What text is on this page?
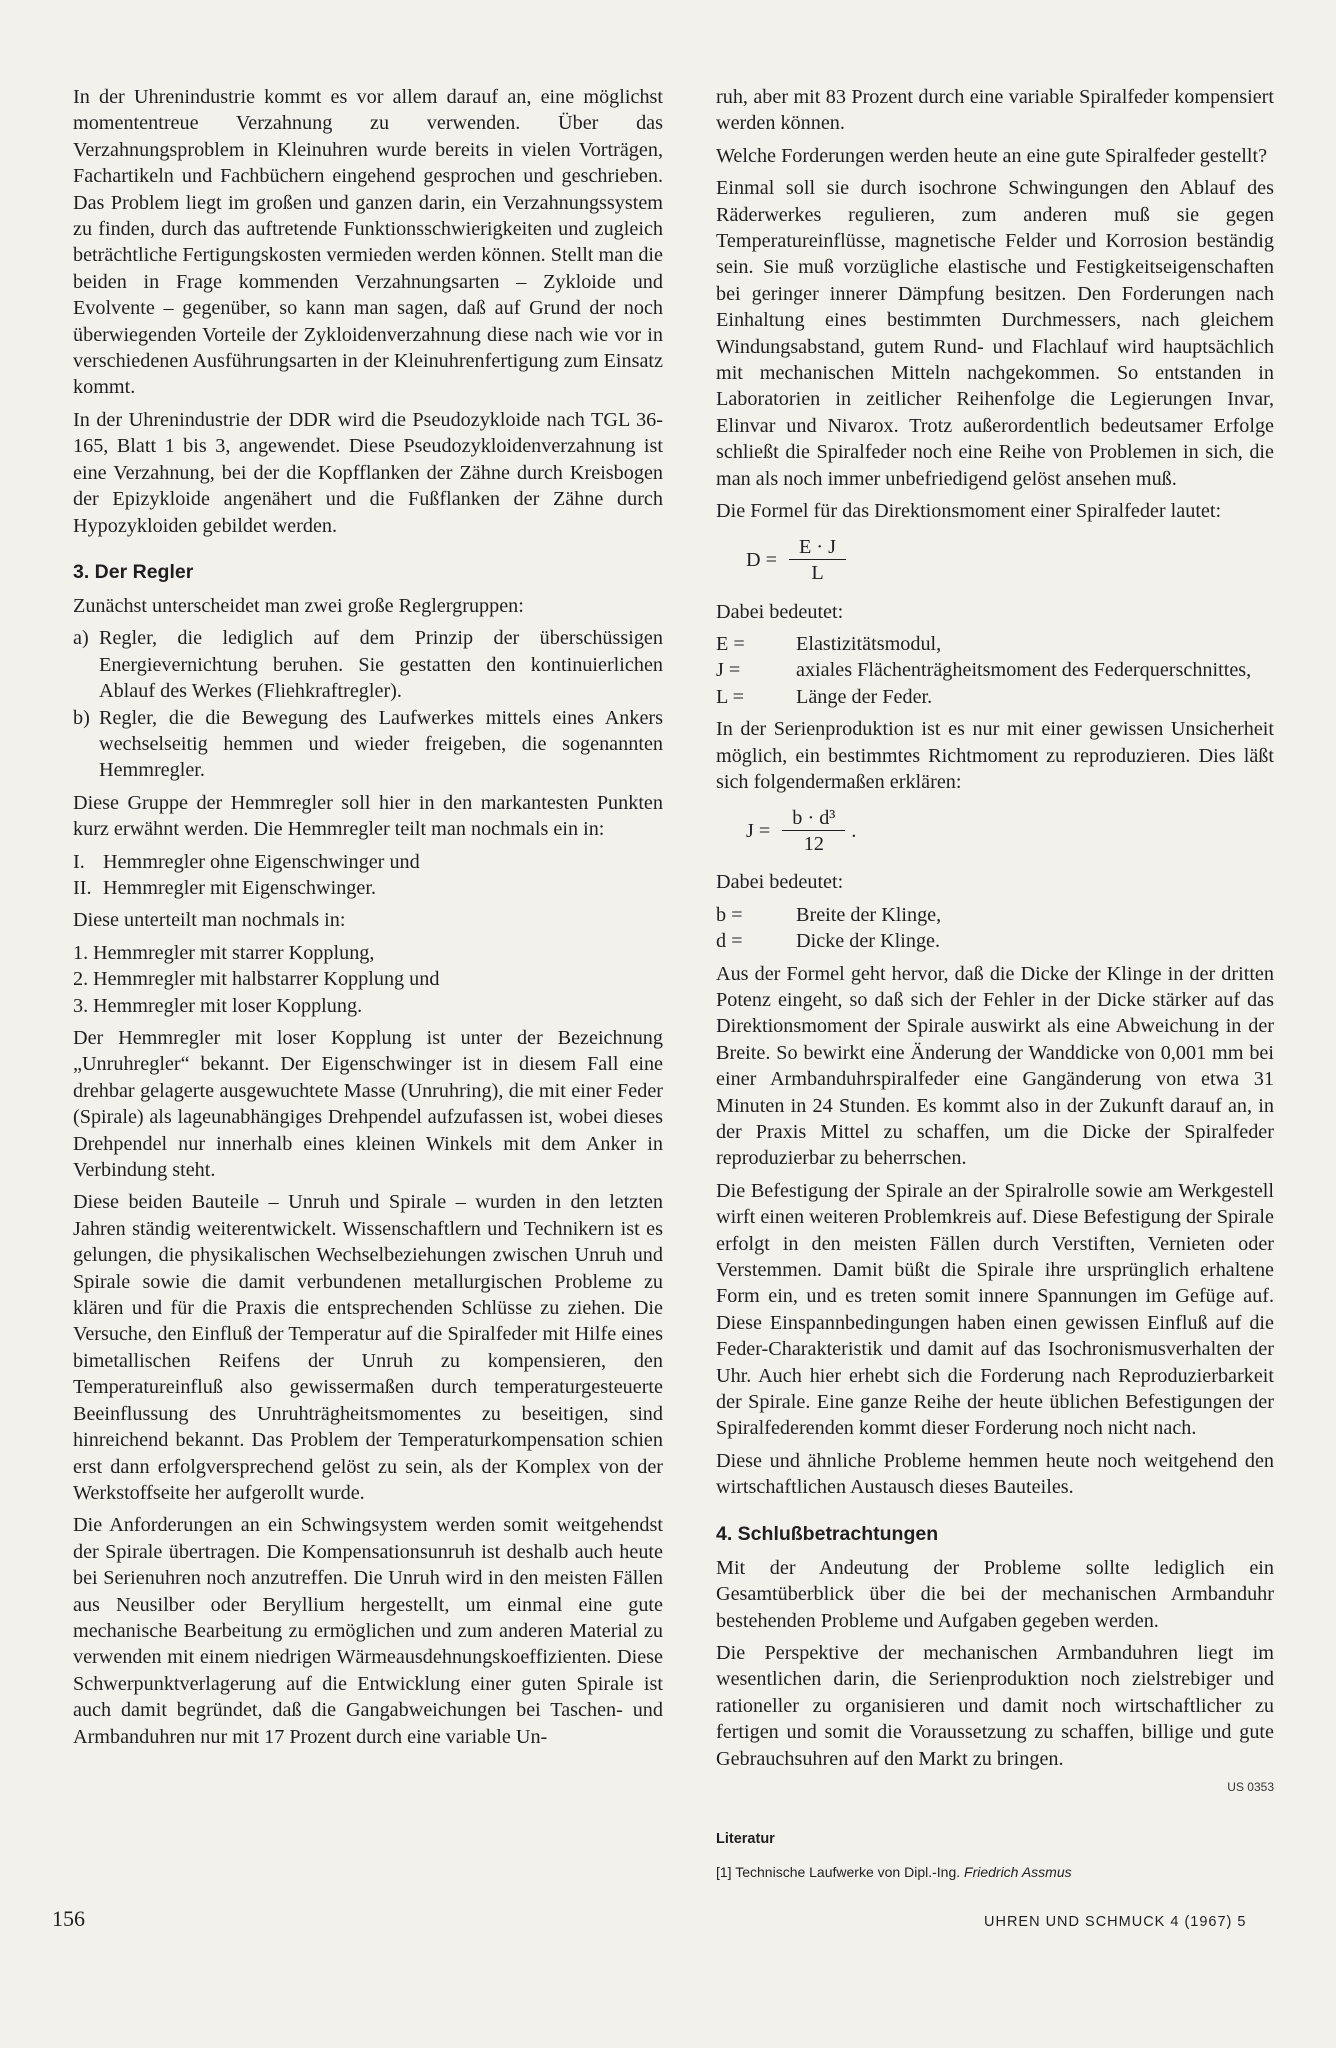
In der Uhrenindustrie kommt es vor allem darauf an, eine möglichst momententreue Verzahnung zu verwenden. Über das Verzahnungsproblem in Kleinuhren wurde bereits in vielen Vorträgen, Fachartikeln und Fachbüchern eingehend gesprochen und geschrieben. Das Problem liegt im großen und ganzen darin, ein Verzahnungssystem zu finden, durch das auftretende Funktionsschwierigkeiten und zugleich beträchtliche Fertigungskosten vermieden werden können. Stellt man die beiden in Frage kommenden Verzahnungsarten – Zykloide und Evolvente – gegenüber, so kann man sagen, daß auf Grund der noch überwiegenden Vorteile der Zykloidenverzahnung diese nach wie vor in verschiedenen Ausführungsarten in der Kleinuhrenfertigung zum Einsatz kommt.

In der Uhrenindustrie der DDR wird die Pseudozykloide nach TGL 36-165, Blatt 1 bis 3, angewendet. Diese Pseudozykloidenverzahnung ist eine Verzahnung, bei der die Kopfflanken der Zähne durch Kreisbogen der Epizykloide angenähert und die Fußflanken der Zähne durch Hypozykloiden gebildet werden.

3. Der Regler

Zunächst unterscheidet man zwei große Reglergruppen:

a) Regler, die lediglich auf dem Prinzip der überschüssigen Energievernichtung beruhen. Sie gestatten den kontinuierlichen Ablauf des Werkes (Fliehkraftregler).
b) Regler, die die Bewegung des Laufwerkes mittels eines Ankers wechselseitig hemmen und wieder freigeben, die sogenannten Hemmregler.

Diese Gruppe der Hemmregler soll hier in den markantesten Punkten kurz erwähnt werden. Die Hemmregler teilt man nochmals ein in:

I. Hemmregler ohne Eigenschwinger und
II. Hemmregler mit Eigenschwinger.

Diese unterteilt man nochmals in:

1. Hemmregler mit starrer Kopplung,
2. Hemmregler mit halbstarrer Kopplung und
3. Hemmregler mit loser Kopplung.

Der Hemmregler mit loser Kopplung ist unter der Bezeichnung „Unruhregler“ bekannt. Der Eigenschwinger ist in diesem Fall eine drehbar gelagerte ausgewuchtete Masse (Unruhring), die mit einer Feder (Spirale) als lageunabhängiges Drehpendel aufzufassen ist, wobei dieses Drehpendel nur innerhalb eines kleinen Winkels mit dem Anker in Verbindung steht.

Diese beiden Bauteile – Unruh und Spirale – wurden in den letzten Jahren ständig weiterentwickelt. Wissenschaftlern und Technikern ist es gelungen, die physikalischen Wechselbeziehungen zwischen Unruh und Spirale sowie die damit verbundenen metallurgischen Probleme zu klären und für die Praxis die entsprechenden Schlüsse zu ziehen. Die Versuche, den Einfluß der Temperatur auf die Spiralfeder mit Hilfe eines bimetallischen Reifens der Unruh zu kompensieren, den Temperatureinfluß also gewissermaßen durch temperaturgesteuerte Beeinflussung des Unruhträgheitsmomentes zu beseitigen, sind hinreichend bekannt. Das Problem der Temperaturkompensation schien erst dann erfolgversprechend gelöst zu sein, als der Komplex von der Werkstoffseite her aufgerollt wurde.

Die Anforderungen an ein Schwingsystem werden somit weitgehendst der Spirale übertragen. Die Kompensationsunruh ist deshalb auch heute bei Serienuhren noch anzutreffen. Die Unruh wird in den meisten Fällen aus Neusilber oder Beryllium hergestellt, um einmal eine gute mechanische Bearbeitung zu ermöglichen und zum anderen Material zu verwenden mit einem niedrigen Wärmeausdehnungskoeffizienten. Diese Schwerpunktverlagerung auf die Entwicklung einer guten Spirale ist auch damit begründet, daß die Gangabweichungen bei Taschen- und Armbanduhren nur mit 17 Prozent durch eine variable Un-

ruh, aber mit 83 Prozent durch eine variable Spiralfeder kompensiert werden können.

Welche Forderungen werden heute an eine gute Spiralfeder gestellt?

Einmal soll sie durch isochrone Schwingungen den Ablauf des Räderwerkes regulieren, zum anderen muß sie gegen Temperatureinflüsse, magnetische Felder und Korrosion beständig sein. Sie muß vorzügliche elastische und Festigkeitseigenschaften bei geringer innerer Dämpfung besitzen. Den Forderungen nach Einhaltung eines bestimmten Durchmessers, nach gleichem Windungsabstand, gutem Rund- und Flachlauf wird hauptsächlich mit mechanischen Mitteln nachgekommen. So entstanden in Laboratorien in zeitlicher Reihenfolge die Legierungen Invar, Elinvar und Nivarox. Trotz außerordentlich bedeutsamer Erfolge schließt die Spiralfeder noch eine Reihe von Problemen in sich, die man als noch immer unbefriedigend gelöst ansehen muß.

Die Formel für das Direktionsmoment einer Spiralfeder lautet:

$D = \frac{E \cdot J}{L}$

Dabei bedeutet:

E =	Elastizitätsmodul,
J =	axiales Flächenträgheitsmoment des Federquerschnittes,
L =	Länge der Feder.

In der Serienproduktion ist es nur mit einer gewissen Unsicherheit möglich, ein bestimmtes Richtmoment zu reproduzieren. Dies läßt sich folgendermaßen erklären:

$J = \frac{\text{b · d³}}{12}$ .

Dabei bedeutet:

b =	Breite der Klinge,
d =	Dicke der Klinge.

Aus der Formel geht hervor, daß die Dicke der Klinge in der dritten Potenz eingeht, so daß sich der Fehler in der Dicke stärker auf das Direktionsmoment der Spirale auswirkt als eine Abweichung in der Breite. So bewirkt eine Änderung der Wanddicke von 0,001 mm bei einer Armbanduhrspiralfeder eine Gangänderung von etwa 31 Minuten in 24 Stunden. Es kommt also in der Zukunft darauf an, in der Praxis Mittel zu schaffen, um die Dicke der Spiralfeder reproduzierbar zu beherrschen.

Die Befestigung der Spirale an der Spiralrolle sowie am Werkgestell wirft einen weiteren Problemkreis auf. Diese Befestigung der Spirale erfolgt in den meisten Fällen durch Verstiften, Vernieten oder Verstemmen. Damit büßt die Spirale ihre ursprünglich erhaltene Form ein, und es treten somit innere Spannungen im Gefüge auf. Diese Einspannbedingungen haben einen gewissen Einfluß auf die Feder-Charakteristik und damit auf das Isochronismusverhalten der Uhr. Auch hier erhebt sich die Forderung nach Reproduzierbarkeit der Spirale. Eine ganze Reihe der heute üblichen Befestigungen der Spiralfederenden kommt dieser Forderung noch nicht nach.

Diese und ähnliche Probleme hemmen heute noch weitgehend den wirtschaftlichen Austausch dieses Bauteiles.

4. Schlußbetrachtungen

Mit der Andeutung der Probleme sollte lediglich ein Gesamtüberblick über die bei der mechanischen Armbanduhr bestehenden Probleme und Aufgaben gegeben werden.

Die Perspektive der mechanischen Armbanduhren liegt im wesentlichen darin, die Serienproduktion noch zielstrebiger und rationeller zu organisieren und damit noch wirtschaftlicher zu fertigen und somit die Voraussetzung zu schaffen, billige und gute Gebrauchsuhren auf den Markt zu bringen.

US 0353
Literatur
[1] Technische Laufwerke von Dipl.-Ing. Friedrich Assmus
156	UHREN UND SCHMUCK 4 (1967) 5
